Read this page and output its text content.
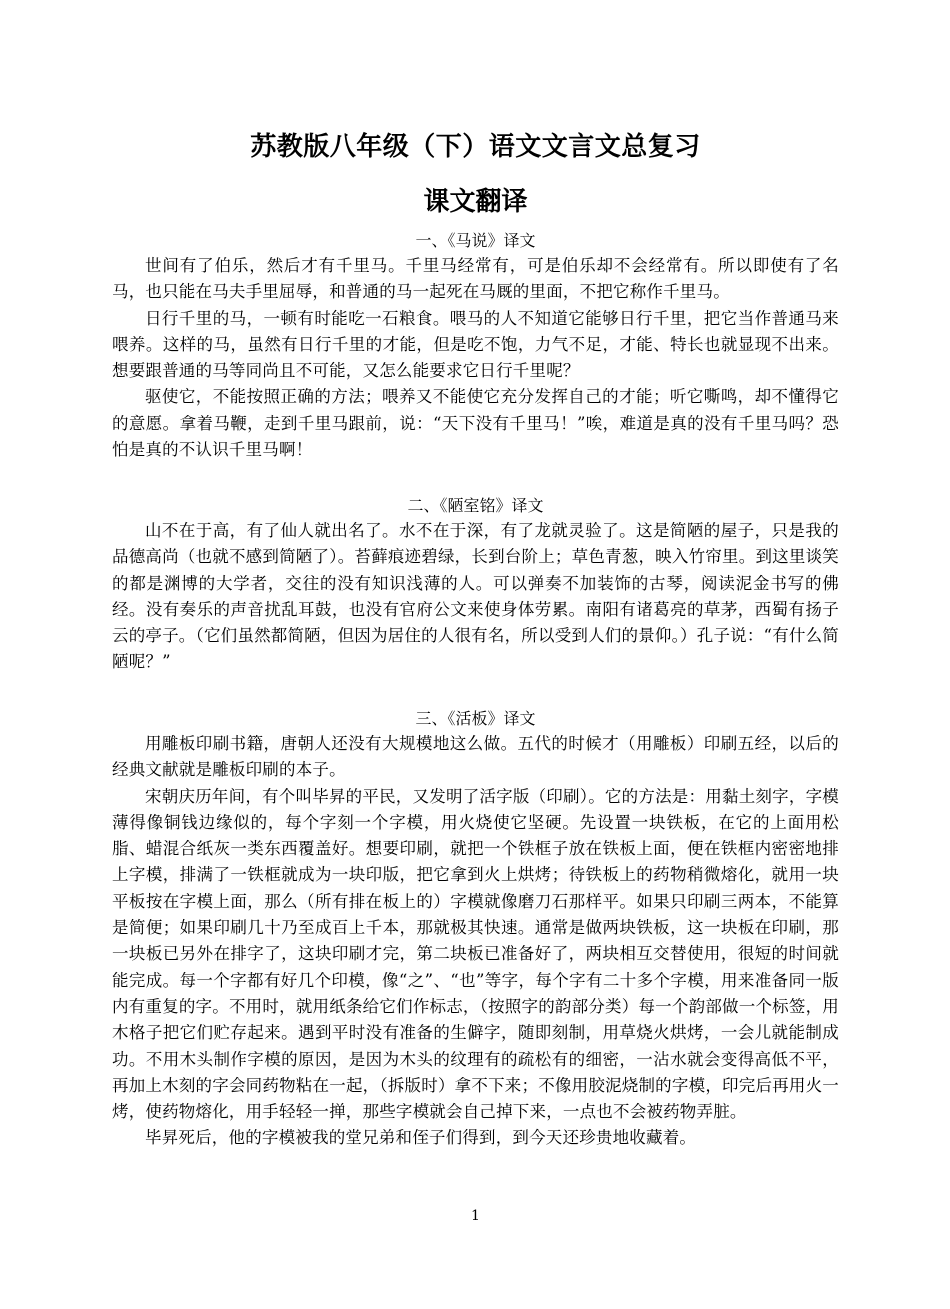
苏教版八年级（下）语文文言文总复习
课文翻译
一、《马说》译文

世间有了伯乐，然后才有千里马。千里马经常有，可是伯乐却不会经常有。所以即使有了名马，也只能在马夫手里屈辱，和普通的马一起死在马厩的里面，不把它称作千里马。

日行千里的马，一顿有时能吃一石粮食。喂马的人不知道它能够日行千里，把它当作普通马来喂养。这样的马，虽然有日行千里的才能，但是吃不饱，力气不足，才能、特长也就显现不出来。想要跟普通的马等同尚且不可能，又怎么能要求它日行千里呢？

驱使它，不能按照正确的方法；喂养又不能使它充分发挥自己的才能；听它嘶鸣，却不懂得它的意愿。拿着马鞭，走到千里马跟前，说：“天下没有千里马！”唉，难道是真的没有千里马吗？恐怕是真的不认识千里马啊！

二、《陋室铭》译文

山不在于高，有了仙人就出名了。水不在于深，有了龙就灵验了。这是简陋的屋子，只是我的品德高尚（也就不感到简陋了）。苔藓痕迹碧绿，长到台阶上；草色青葱，映入竹帘里。到这里谈笑的都是渊博的大学者，交往的没有知识浅薄的人。可以弹奏不加装饰的古琴，阅读泥金书写的佛经。没有奏乐的声音扰乱耳鼓，也没有官府公文来使身体劳累。南阳有诸葛亮的草茅，西蜀有扬子云的亭子。（它们虽然都简陋，但因为居住的人很有名，所以受到人们的景仰。）孔子说：“有什么简陋呢？”

三、《活板》译文

用雕板印刷书籍，唐朝人还没有大规模地这么做。五代的时候才（用雕板）印刷五经，以后的经典文献就是雕板印刷的本子。

宋朝庆历年间，有个叫毕昇的平民，又发明了活字版（印刷）。它的方法是：用黏土刻字，字模薄得像铜钱边缘似的，每个字刻一个字模，用火烧使它坚硬。先设置一块铁板，在它的上面用松脂、蜡混合纸灰一类东西覆盖好。想要印刷，就把一个铁框子放在铁板上面，便在铁框内密密地排上字模，排满了一铁框就成为一块印版，把它拿到火上烘烤；待铁板上的药物稍微熔化，就用一块平板按在字模上面，那么（所有排在板上的）字模就像磨刀石那样平。如果只印刷三两本，不能算是简便；如果印刷几十乃至成百上千本，那就极其快速。通常是做两块铁板，这一块板在印刷，那一块板已另外在排字了，这块印刷才完，第二块板已准备好了，两块相互交替使用，很短的时间就能完成。每一个字都有好几个印模，像“之”、“也”等字，每个字有二十多个字模，用来准备同一版内有重复的字。不用时，就用纸条给它们作标志，（按照字的韵部分类）每一个韵部做一个标签，用木格子把它们贮存起来。遇到平时没有准备的生僻字，随即刻制，用草烧火烘烤，一会儿就能制成功。不用木头制作字模的原因，是因为木头的纹理有的疏松有的细密，一沾水就会变得高低不平，再加上木刻的字会同药物粘在一起，（拆版时）拿不下来；不像用胶泥烧制的字模，印完后再用火一烤，使药物熔化，用手轻轻一掸，那些字模就会自己掉下来，一点也不会被药物弄脏。

毕昇死后，他的字模被我的堂兄弟和侄子们得到，到今天还珍贵地收藏着。

1
